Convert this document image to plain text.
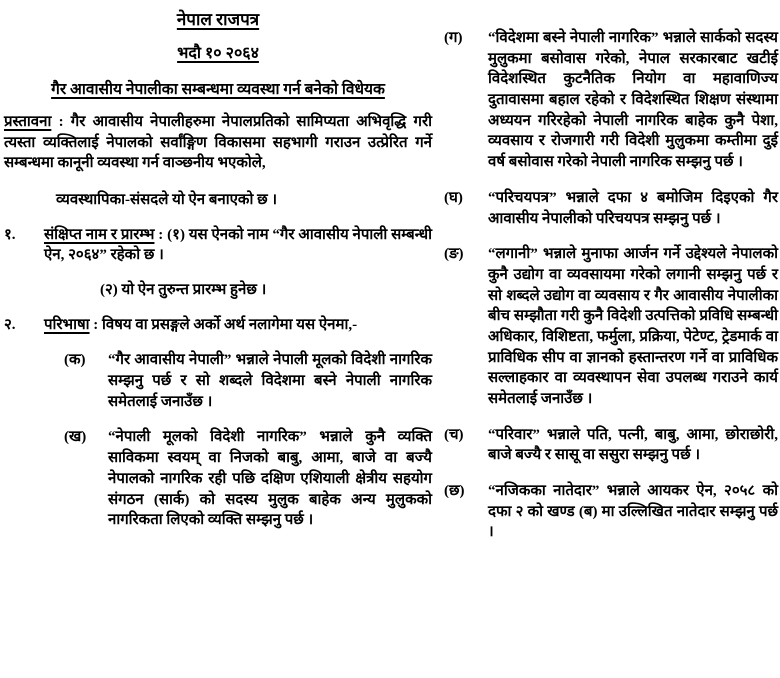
नेपाल राजपत्र
भदौ १० २०६४
गैर आवासीय नेपालीका सम्बन्धमा व्यवस्था गर्न बनेको विधेयक
प्रस्तावना : गैर आवासीय नेपालीहरुमा नेपालप्रतिको सामिप्यता अभिवृद्धि गरी त्यस्ता व्यक्तिलाई नेपालको सर्वांङ्गिण विकासमा सहभागी गराउन उत्प्रेरित गर्ने सम्बन्धमा कानूनी व्यवस्था गर्न वाञ्छनीय भएकोले,
व्यवस्थापिका-संसदले यो ऐन बनाएको छ ।
१.	संक्षिप्त नाम र प्रारम्भ : (१) यस ऐनको नाम “गैर आवासीय नेपाली सम्बन्धी ऐन, २०६४” रहेको छ ।
(२) यो ऐन तुरुन्त प्रारम्भ हुनेछ ।
२.	परिभाषा : विषय वा प्रसङ्गले अर्को अर्थ नलागेमा यस ऐनमा,-
(क)	“गैर आवासीय नेपाली” भन्नाले नेपाली मूलको विदेशी नागरिक सम्झनु पर्छ र सो शब्दले विदेशमा बस्ने नेपाली नागरिक समेतलाई जनाउँछ ।
(ख)	“नेपाली मूलको विदेशी नागरिक” भन्नाले कुनै व्यक्ति साविकमा स्वयम् वा निजको बाबु, आमा, बाजे वा बज्यै नेपालको नागरिक रही पछि दक्षिण एशियाली क्षेत्रीय सहयोग संगठन (सार्क) को सदस्य मुलुक बाहेक अन्य मुलुकको नागरिकता लिएको व्यक्ति सम्झनु पर्छ ।
(ग)	“विदेशमा बस्ने नेपाली नागरिक” भन्नाले सार्कको सदस्य मुलुकमा बसोवास गरेको, नेपाल सरकारबाट खटीई विदेशस्थित कुटनैतिक नियोग वा महावाणिज्य दुतावासमा बहाल रहेको र विदेशस्थित शिक्षण संस्थामा अध्ययन गरिरहेको नेपाली नागरिक बाहेक कुनै पेशा, व्यवसाय र रोजगारी गरी विदेशी मुलुकमा कम्तीमा दुई वर्ष बसोवास गरेको नेपाली नागरिक सम्झनु पर्छ ।
(घ)	“परिचयपत्र” भन्नाले दफा ४ बमोजिम दिइएको गैर आवासीय नेपालीको परिचयपत्र सम्झनु पर्छ ।
(ङ)	“लगानी” भन्नाले मुनाफा आर्जन गर्ने उद्देश्यले नेपालको कुनै उद्योग वा व्यवसायमा गरेको लगानी सम्झनु पर्छ र सो शब्दले उद्योग वा व्यवसाय र गैर आवासीय नेपालीका बीच सम्झौता गरी कुनै विदेशी उत्पत्तिको प्रविधि सम्बन्धी अधिकार, विशिष्टता, फर्मुला, प्रक्रिया, पेटेण्ट, ट्रेडमार्क वा प्राविधिक सीप वा ज्ञानको हस्तान्तरण गर्ने वा प्राविधिक सल्लाहकार वा व्यवस्थापन सेवा उपलब्ध गराउने कार्य समेतलाई जनाउँछ ।
(च)	“परिवार” भन्नाले पति, पत्नी, बाबु, आमा, छोराछोरी, बाजे बज्यै र सासू वा ससुरा सम्झनु पर्छ ।
(छ)	“नजिकका नातेदार” भन्नाले आयकर ऐन, २०५८ को दफा २ को खण्ड (ब) मा उल्लिखित नातेदार सम्झनु पर्छ ।
